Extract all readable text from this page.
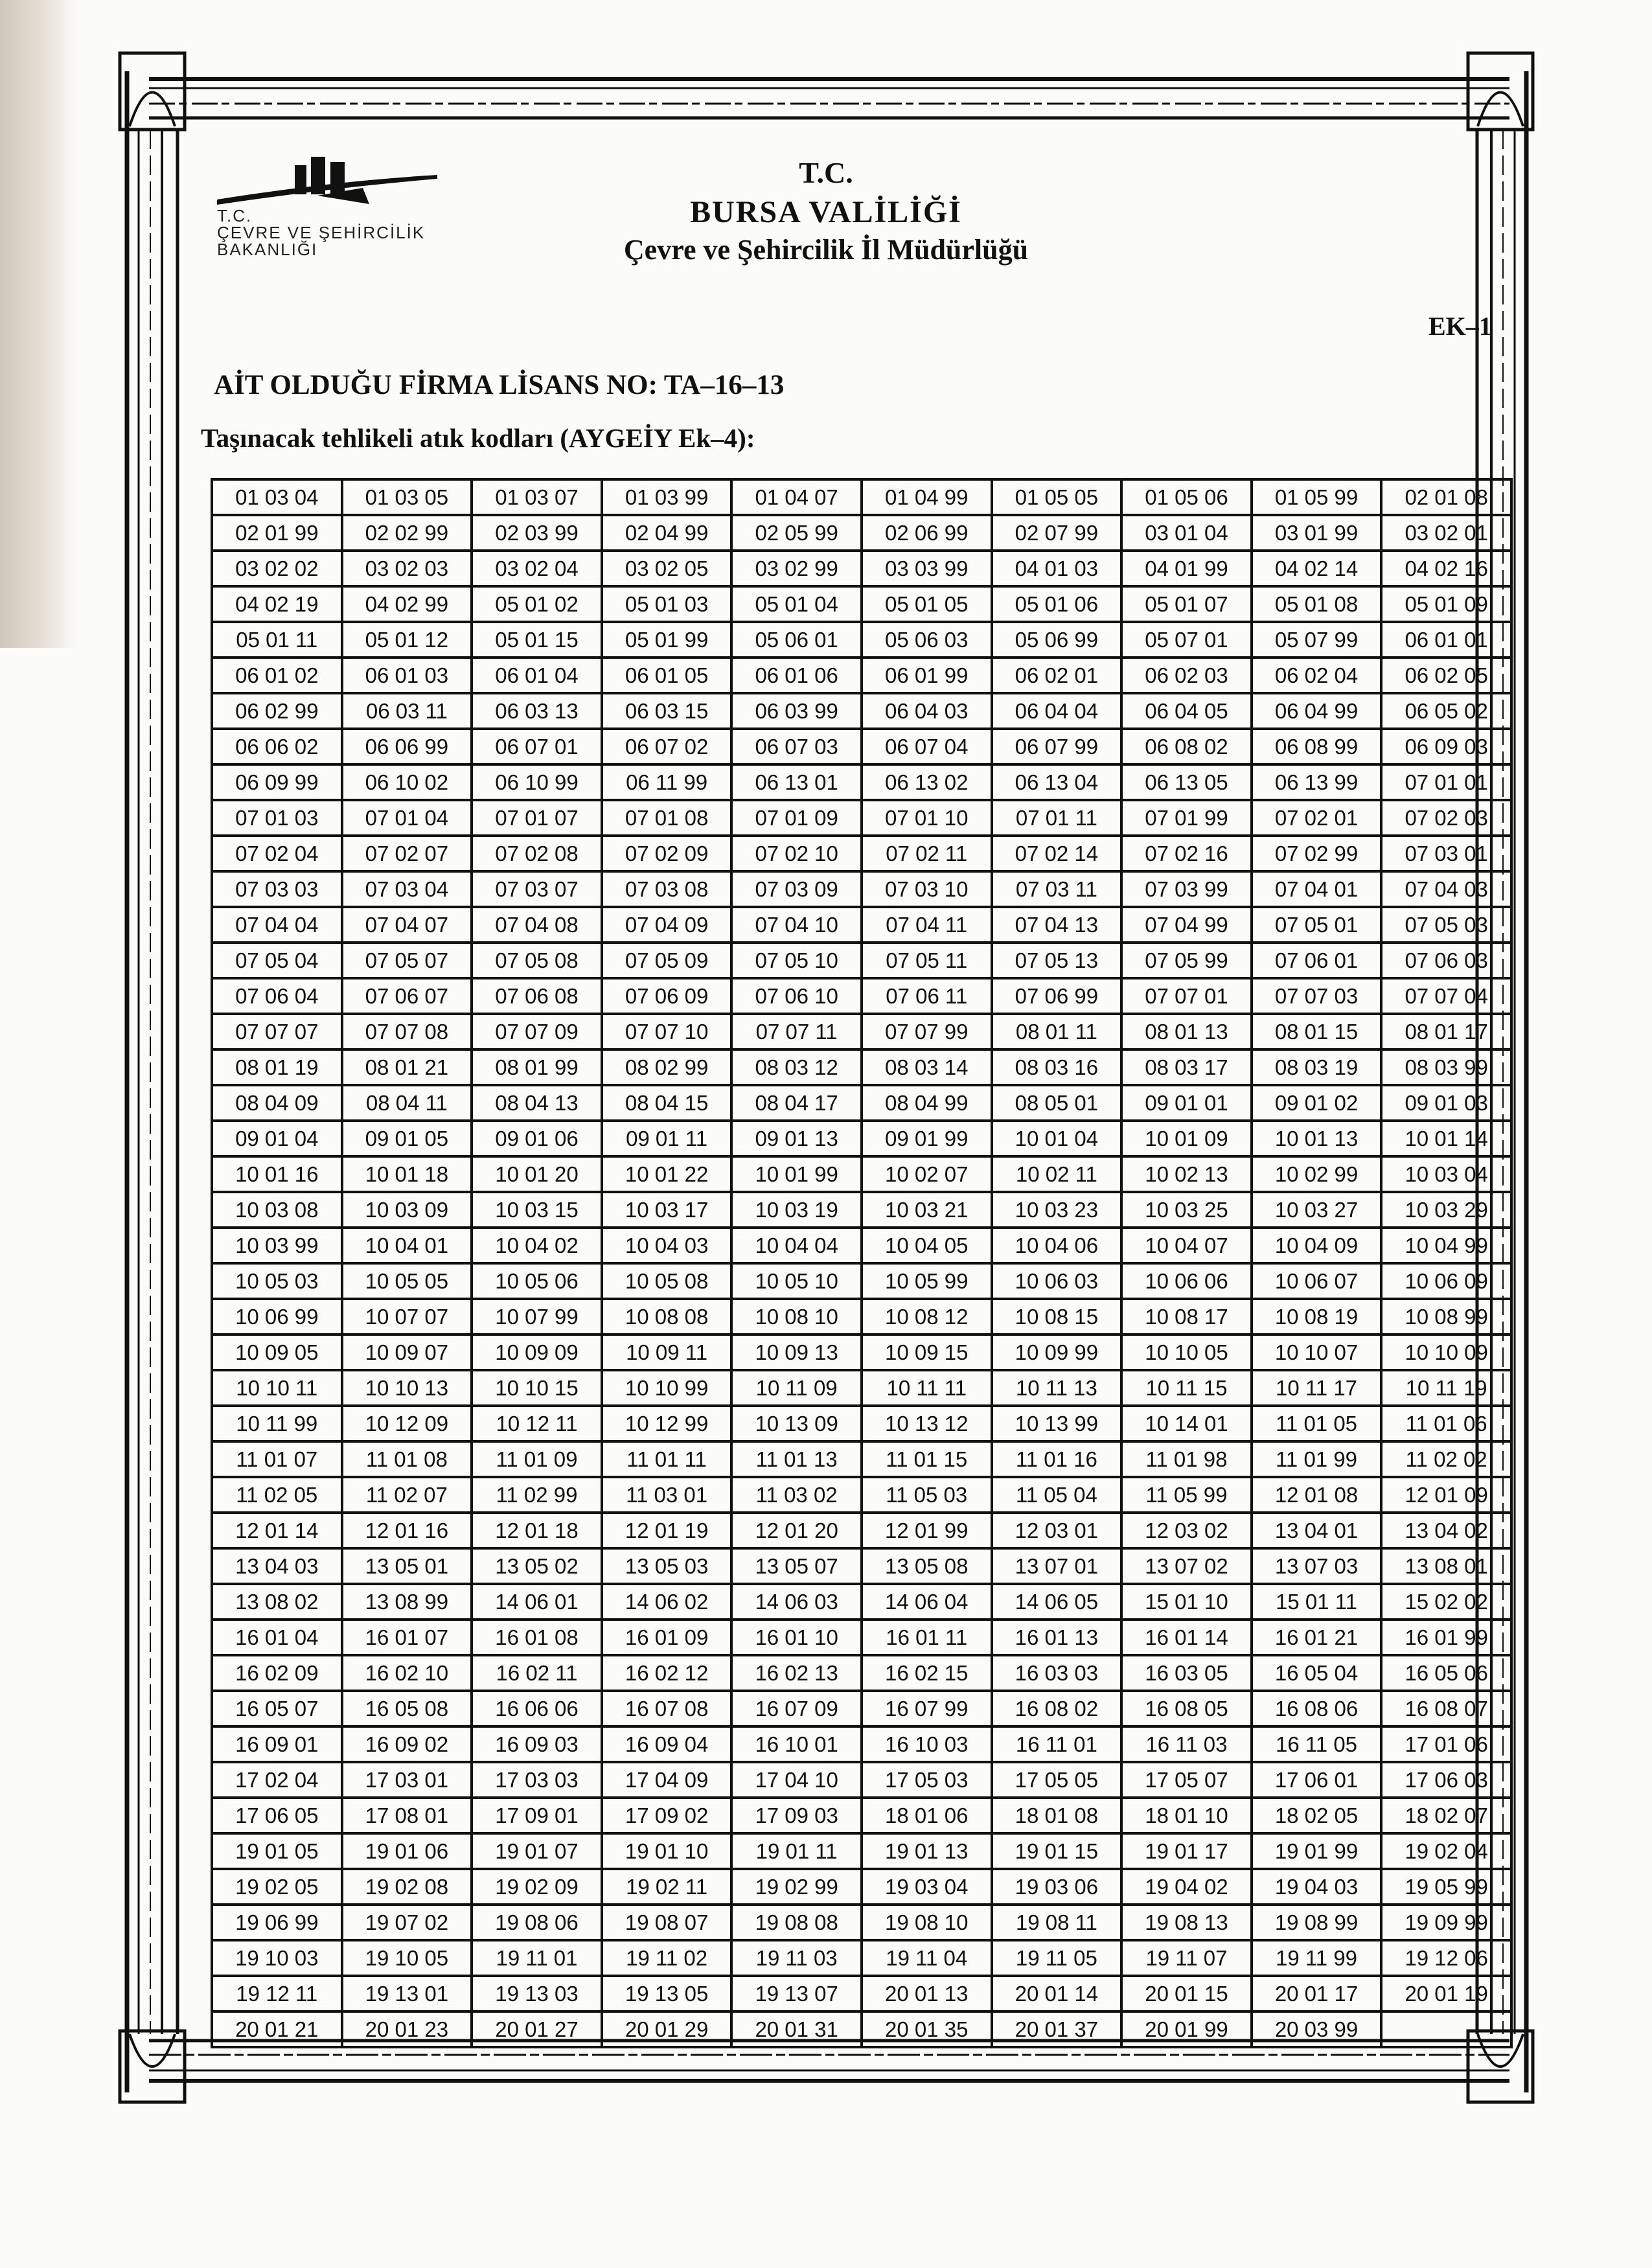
T.C.
ÇEVRE VE ŞEHİRCİLİK
BAKANLIĞI
T.C.
BURSA VALİLİĞİ
Çevre ve Şehircilik İl Müdürlüğü
EK–1
AİT OLDUĞU FİRMA LİSANS NO: TA–16–13
Taşınacak tehlikeli atık kodları (AYGEİY Ek–4):
01 03 04	01 03 05	01 03 07	01 03 99	01 04 07	01 04 99	01 05 05	01 05 06	01 05 99	02 01 08
02 01 99	02 02 99	02 03 99	02 04 99	02 05 99	02 06 99	02 07 99	03 01 04	03 01 99	03 02 01
03 02 02	03 02 03	03 02 04	03 02 05	03 02 99	03 03 99	04 01 03	04 01 99	04 02 14	04 02 16
04 02 19	04 02 99	05 01 02	05 01 03	05 01 04	05 01 05	05 01 06	05 01 07	05 01 08	05 01 09
05 01 11	05 01 12	05 01 15	05 01 99	05 06 01	05 06 03	05 06 99	05 07 01	05 07 99	06 01 01
06 01 02	06 01 03	06 01 04	06 01 05	06 01 06	06 01 99	06 02 01	06 02 03	06 02 04	06 02 05
06 02 99	06 03 11	06 03 13	06 03 15	06 03 99	06 04 03	06 04 04	06 04 05	06 04 99	06 05 02
06 06 02	06 06 99	06 07 01	06 07 02	06 07 03	06 07 04	06 07 99	06 08 02	06 08 99	06 09 03
06 09 99	06 10 02	06 10 99	06 11 99	06 13 01	06 13 02	06 13 04	06 13 05	06 13 99	07 01 01
07 01 03	07 01 04	07 01 07	07 01 08	07 01 09	07 01 10	07 01 11	07 01 99	07 02 01	07 02 03
07 02 04	07 02 07	07 02 08	07 02 09	07 02 10	07 02 11	07 02 14	07 02 16	07 02 99	07 03 01
07 03 03	07 03 04	07 03 07	07 03 08	07 03 09	07 03 10	07 03 11	07 03 99	07 04 01	07 04 03
07 04 04	07 04 07	07 04 08	07 04 09	07 04 10	07 04 11	07 04 13	07 04 99	07 05 01	07 05 03
07 05 04	07 05 07	07 05 08	07 05 09	07 05 10	07 05 11	07 05 13	07 05 99	07 06 01	07 06 03
07 06 04	07 06 07	07 06 08	07 06 09	07 06 10	07 06 11	07 06 99	07 07 01	07 07 03	07 07 04
07 07 07	07 07 08	07 07 09	07 07 10	07 07 11	07 07 99	08 01 11	08 01 13	08 01 15	08 01 17
08 01 19	08 01 21	08 01 99	08 02 99	08 03 12	08 03 14	08 03 16	08 03 17	08 03 19	08 03 99
08 04 09	08 04 11	08 04 13	08 04 15	08 04 17	08 04 99	08 05 01	09 01 01	09 01 02	09 01 03
09 01 04	09 01 05	09 01 06	09 01 11	09 01 13	09 01 99	10 01 04	10 01 09	10 01 13	10 01 14
10 01 16	10 01 18	10 01 20	10 01 22	10 01 99	10 02 07	10 02 11	10 02 13	10 02 99	10 03 04
10 03 08	10 03 09	10 03 15	10 03 17	10 03 19	10 03 21	10 03 23	10 03 25	10 03 27	10 03 29
10 03 99	10 04 01	10 04 02	10 04 03	10 04 04	10 04 05	10 04 06	10 04 07	10 04 09	10 04 99
10 05 03	10 05 05	10 05 06	10 05 08	10 05 10	10 05 99	10 06 03	10 06 06	10 06 07	10 06 09
10 06 99	10 07 07	10 07 99	10 08 08	10 08 10	10 08 12	10 08 15	10 08 17	10 08 19	10 08 99
10 09 05	10 09 07	10 09 09	10 09 11	10 09 13	10 09 15	10 09 99	10 10 05	10 10 07	10 10 09
10 10 11	10 10 13	10 10 15	10 10 99	10 11 09	10 11 11	10 11 13	10 11 15	10 11 17	10 11 19
10 11 99	10 12 09	10 12 11	10 12 99	10 13 09	10 13 12	10 13 99	10 14 01	11 01 05	11 01 06
11 01 07	11 01 08	11 01 09	11 01 11	11 01 13	11 01 15	11 01 16	11 01 98	11 01 99	11 02 02
11 02 05	11 02 07	11 02 99	11 03 01	11 03 02	11 05 03	11 05 04	11 05 99	12 01 08	12 01 09
12 01 14	12 01 16	12 01 18	12 01 19	12 01 20	12 01 99	12 03 01	12 03 02	13 04 01	13 04 02
13 04 03	13 05 01	13 05 02	13 05 03	13 05 07	13 05 08	13 07 01	13 07 02	13 07 03	13 08 01
13 08 02	13 08 99	14 06 01	14 06 02	14 06 03	14 06 04	14 06 05	15 01 10	15 01 11	15 02 02
16 01 04	16 01 07	16 01 08	16 01 09	16 01 10	16 01 11	16 01 13	16 01 14	16 01 21	16 01 99
16 02 09	16 02 10	16 02 11	16 02 12	16 02 13	16 02 15	16 03 03	16 03 05	16 05 04	16 05 06
16 05 07	16 05 08	16 06 06	16 07 08	16 07 09	16 07 99	16 08 02	16 08 05	16 08 06	16 08 07
16 09 01	16 09 02	16 09 03	16 09 04	16 10 01	16 10 03	16 11 01	16 11 03	16 11 05	17 01 06
17 02 04	17 03 01	17 03 03	17 04 09	17 04 10	17 05 03	17 05 05	17 05 07	17 06 01	17 06 03
17 06 05	17 08 01	17 09 01	17 09 02	17 09 03	18 01 06	18 01 08	18 01 10	18 02 05	18 02 07
19 01 05	19 01 06	19 01 07	19 01 10	19 01 11	19 01 13	19 01 15	19 01 17	19 01 99	19 02 04
19 02 05	19 02 08	19 02 09	19 02 11	19 02 99	19 03 04	19 03 06	19 04 02	19 04 03	19 05 99
19 06 99	19 07 02	19 08 06	19 08 07	19 08 08	19 08 10	19 08 11	19 08 13	19 08 99	19 09 99
19 10 03	19 10 05	19 11 01	19 11 02	19 11 03	19 11 04	19 11 05	19 11 07	19 11 99	19 12 06
19 12 11	19 13 01	19 13 03	19 13 05	19 13 07	20 01 13	20 01 14	20 01 15	20 01 17	20 01 19
20 01 21	20 01 23	20 01 27	20 01 29	20 01 31	20 01 35	20 01 37	20 01 99	20 03 99	
